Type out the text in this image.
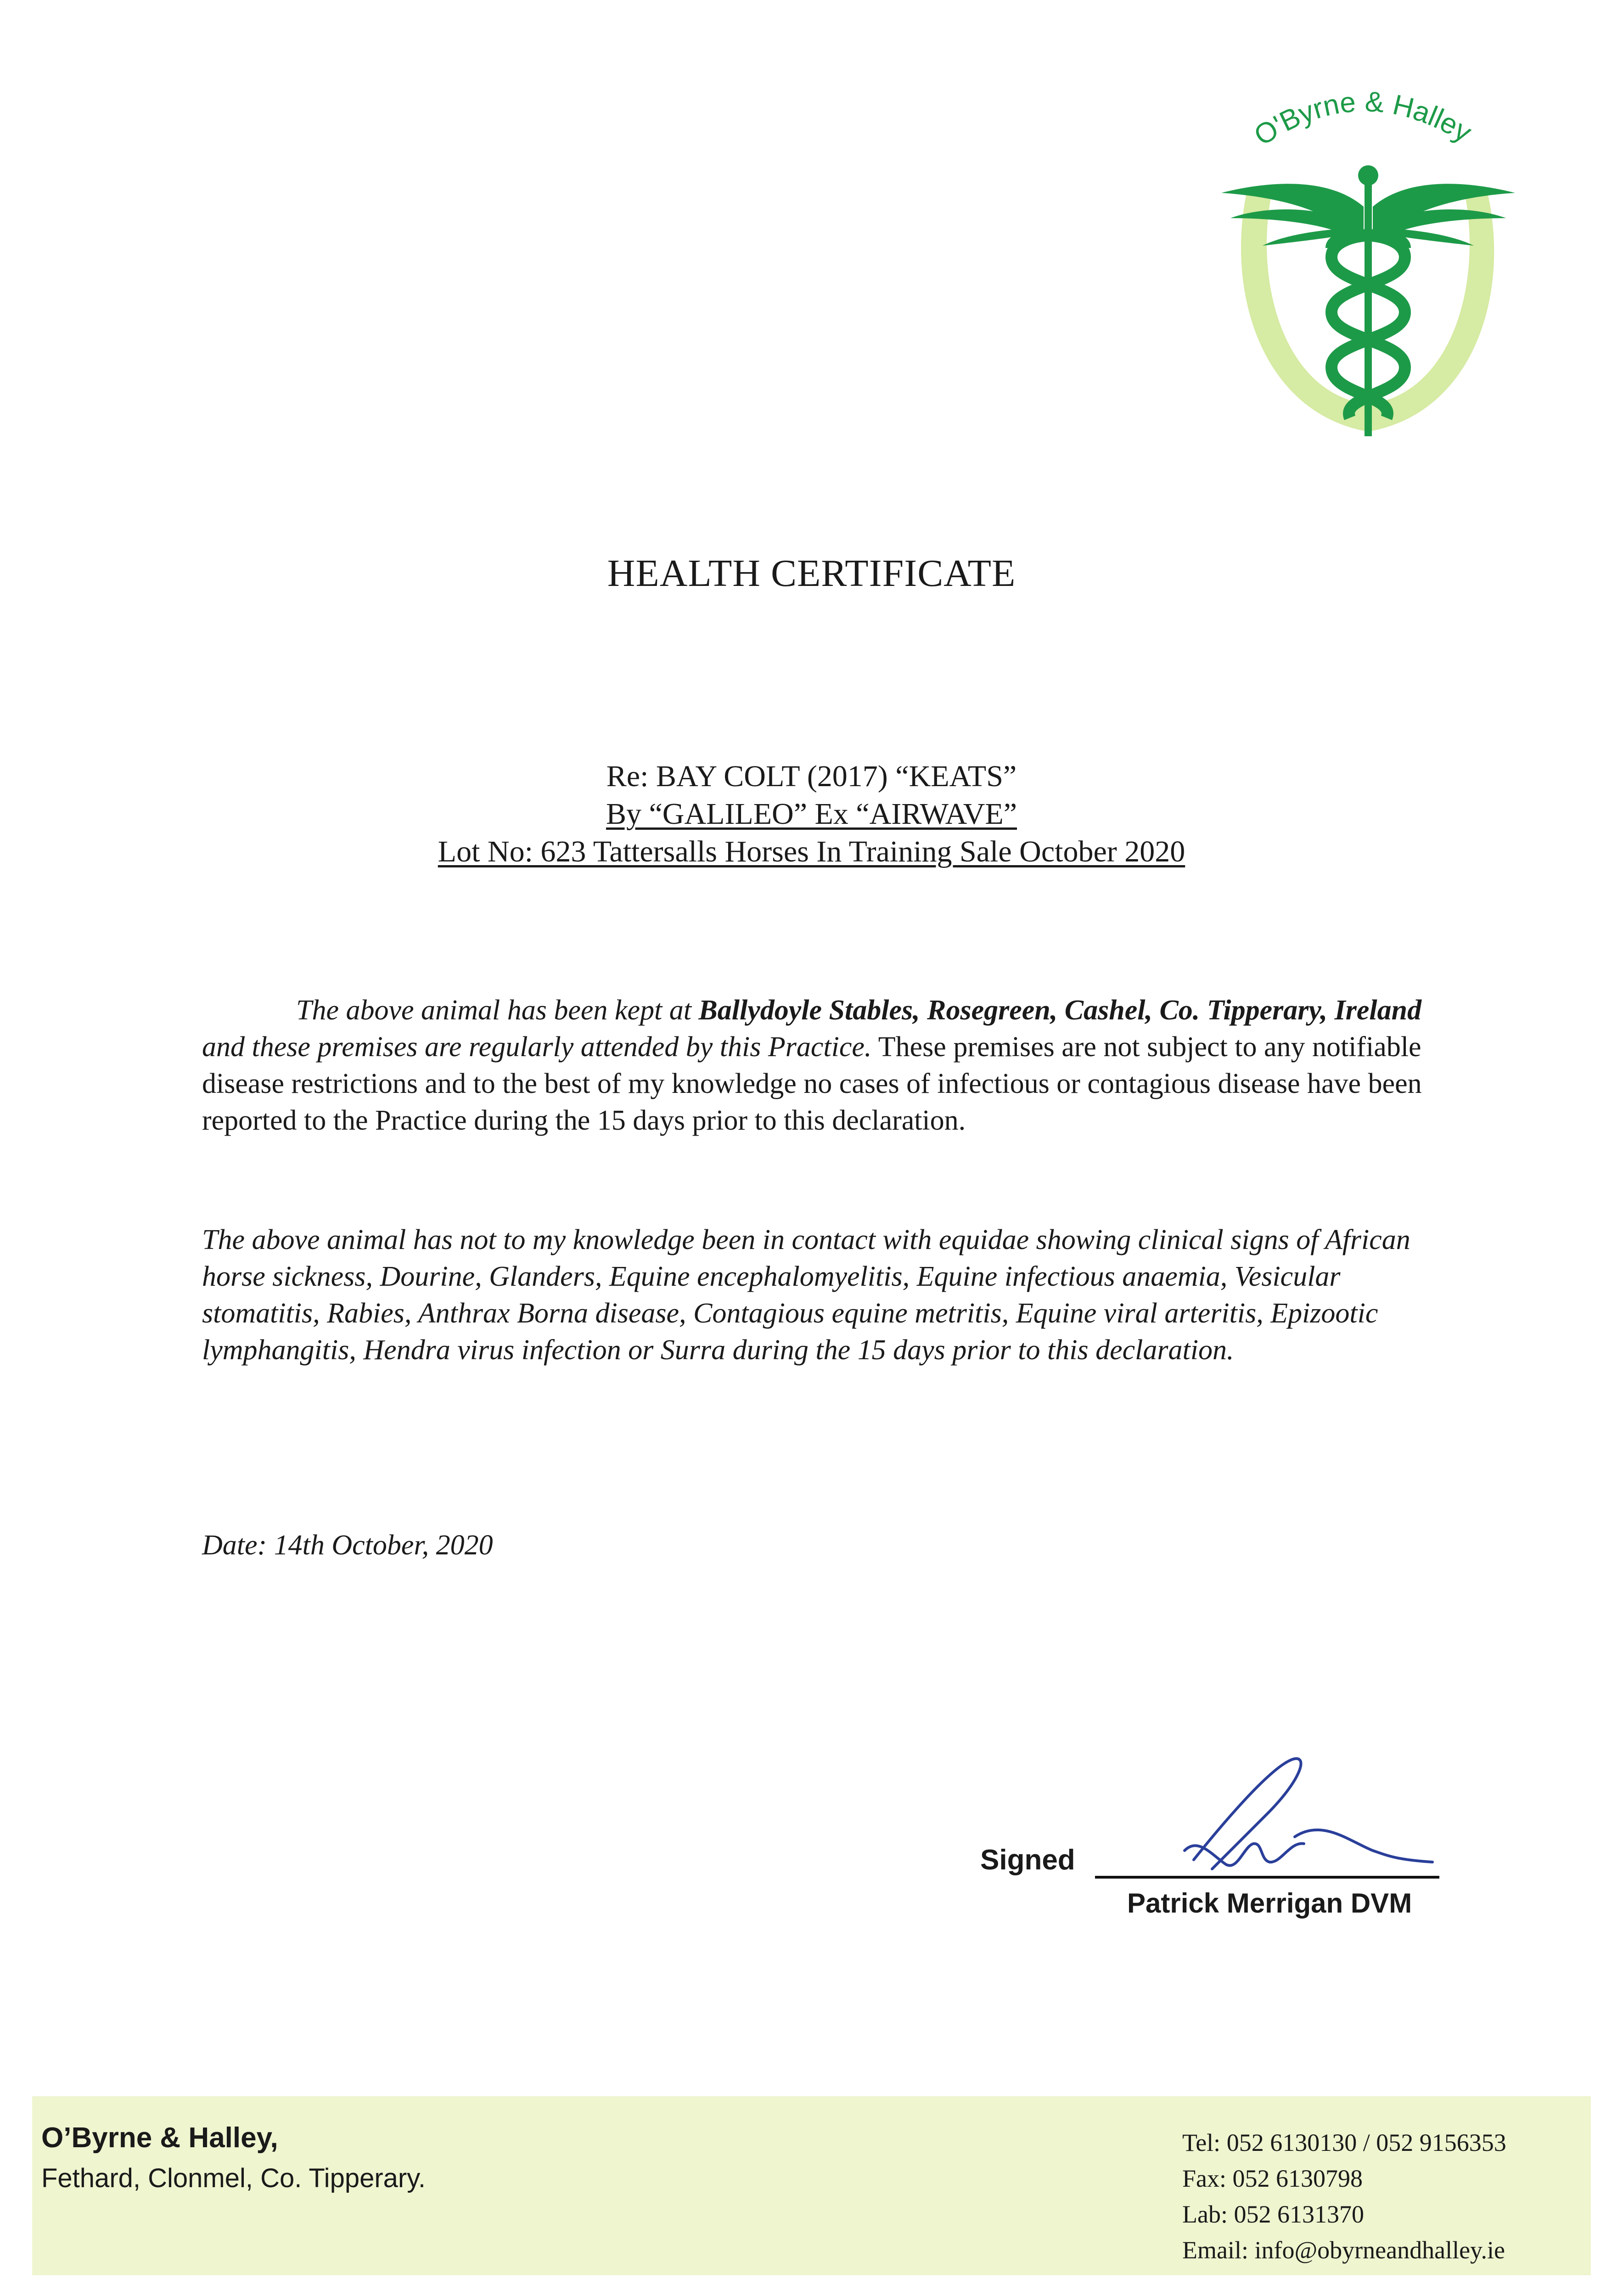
O'Byrne & Halley
HEALTH CERTIFICATE
Re: BAY COLT (2017) “KEATS”
By “GALILEO” Ex “AIRWAVE”
Lot No: 623 Tattersalls Horses In Training Sale October 2020
The above animal has been kept at Ballydoyle Stables, Rosegreen, Cashel, Co. Tipperary, Ireland and these premises are regularly attended by this Practice. These premises are not subject to any notifiable disease restrictions and to the best of my knowledge no cases of infectious or contagious disease have been reported to the Practice during the 15 days prior to this declaration.
The above animal has not to my knowledge been in contact with equidae showing clinical signs of African horse sickness, Dourine, Glanders, Equine encephalomyelitis, Equine infectious anaemia, Vesicular stomatitis, Rabies, Anthrax Borna disease, Contagious equine metritis, Equine viral arteritis, Epizootic lymphangitis, Hendra virus infection or Surra during the 15 days prior to this declaration.
Date: 14th October, 2020
Signed
Patrick Merrigan DVM
O’Byrne & Halley,
Fethard, Clonmel, Co. Tipperary.
Tel: 052 6130130 / 052 9156353
Fax: 052 6130798
Lab: 052 6131370
Email: info@obyrneandhalley.ie
